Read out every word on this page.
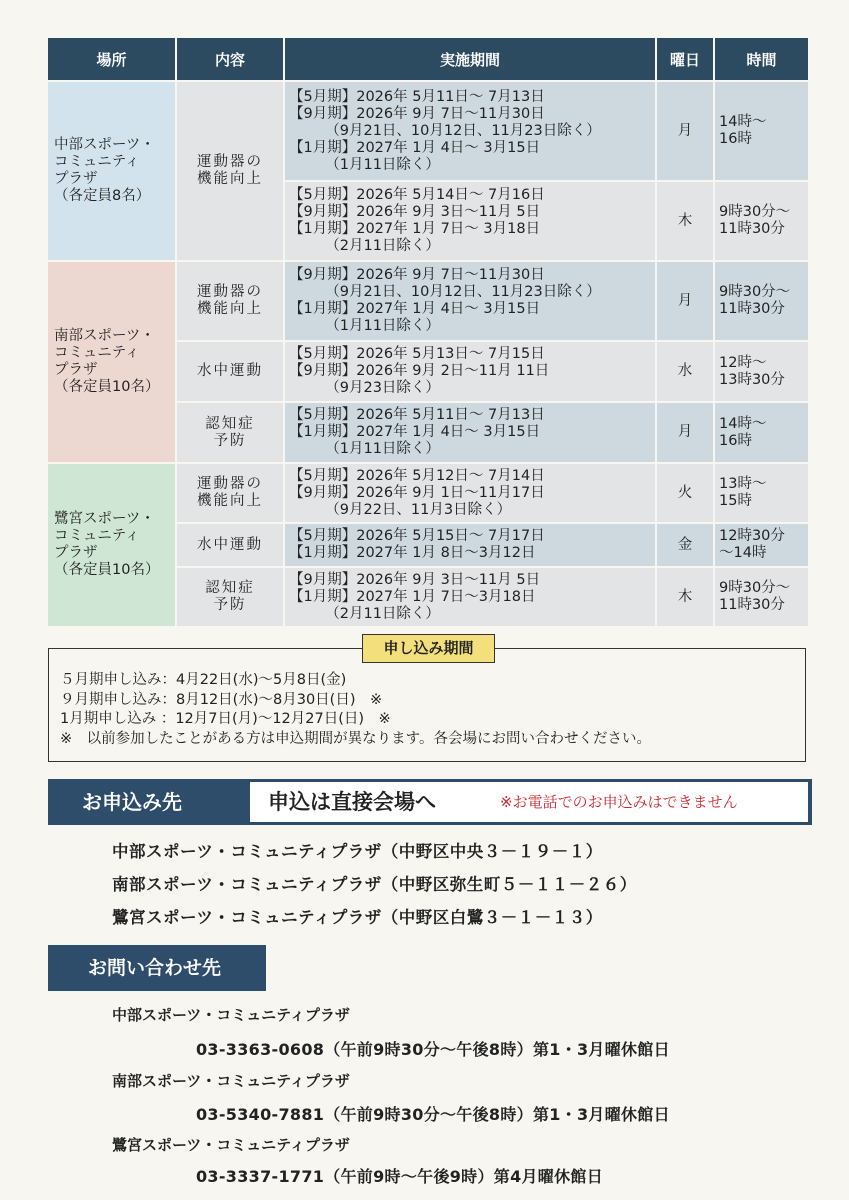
場所	内容	実施期間	曜日	時間
中部スポーツ・
コミュニティ
プラザ
（各定員8名）	運動器の
機能向上	【5月期】2026年 5月11日～ 7月13日
【9月期】2026年 9月 7日～11月30日
　　　（9月21日、10月12日、11月23日除く）
【1月期】2027年 1月 4日～ 3月15日
　　　（1月11日除く）	月	14時～
16時
		【5月期】2026年 5月14日～ 7月16日
【9月期】2026年 9月 3日～11月 5日
【1月期】2027年 1月 7日～ 3月18日
　　　（2月11日除く）	木	9時30分～
11時30分
南部スポーツ・
コミュニティ
プラザ
（各定員10名）	運動器の
機能向上	【9月期】2026年 9月 7日～11月30日
　　　（9月21日、10月12日、11月23日除く）
【1月期】2027年 1月 4日～ 3月15日
　　　（1月11日除く）	月	9時30分～
11時30分
	水中運動	【5月期】2026年 5月13日～ 7月15日
【9月期】2026年 9月 2日～11月 11日
　　　（9月23日除く）	水	12時～
13時30分
	認知症
予防	【5月期】2026年 5月11日～ 7月13日
【1月期】2027年 1月 4日～ 3月15日
　　　（1月11日除く）	月	14時～
16時
鷺宮スポーツ・
コミュニティ
プラザ
（各定員10名）	運動器の
機能向上	【5月期】2026年 5月12日～ 7月14日
【9月期】2026年 9月 1日～11月17日
　　　（9月22日、11月3日除く）	火	13時～
15時
	水中運動	【5月期】2026年 5月15日～ 7月17日
【1月期】2027年 1月 8日～3月12日	金	12時30分
～14時
	認知症
予防	【9月期】2026年 9月 3日～11月 5日
【1月期】2027年 1月 7日～3月18日
　　　（2月11日除く）	木	9時30分～
11時30分
申し込み期間
５月期申し込み：4月22日(水)～5月8日(金)
９月期申し込み：8月12日(水)～8月30日(日)　※
1月期申し込み ：12月7日(月)～12月27日(日)　※
※　以前参加したことがある方は申込期間が異なります。各会場にお問い合わせください。
お申込み先	申込は直接会場へ	※お電話でのお申込みはできません
中部スポーツ・コミュニティプラザ（中野区中央３－１９－１）
南部スポーツ・コミュニティプラザ（中野区弥生町５－１１－２６）
鷺宮スポーツ・コミュニティプラザ（中野区白鷺３－１－１３）
お問い合わせ先
中部スポーツ・コミュニティプラザ
03-3363-0608（午前9時30分～午後8時）第1・3月曜休館日
南部スポーツ・コミュニティプラザ
03-5340-7881（午前9時30分～午後8時）第1・3月曜休館日
鷺宮スポーツ・コミュニティプラザ
03-3337-1771（午前9時～午後9時）第4月曜休館日
